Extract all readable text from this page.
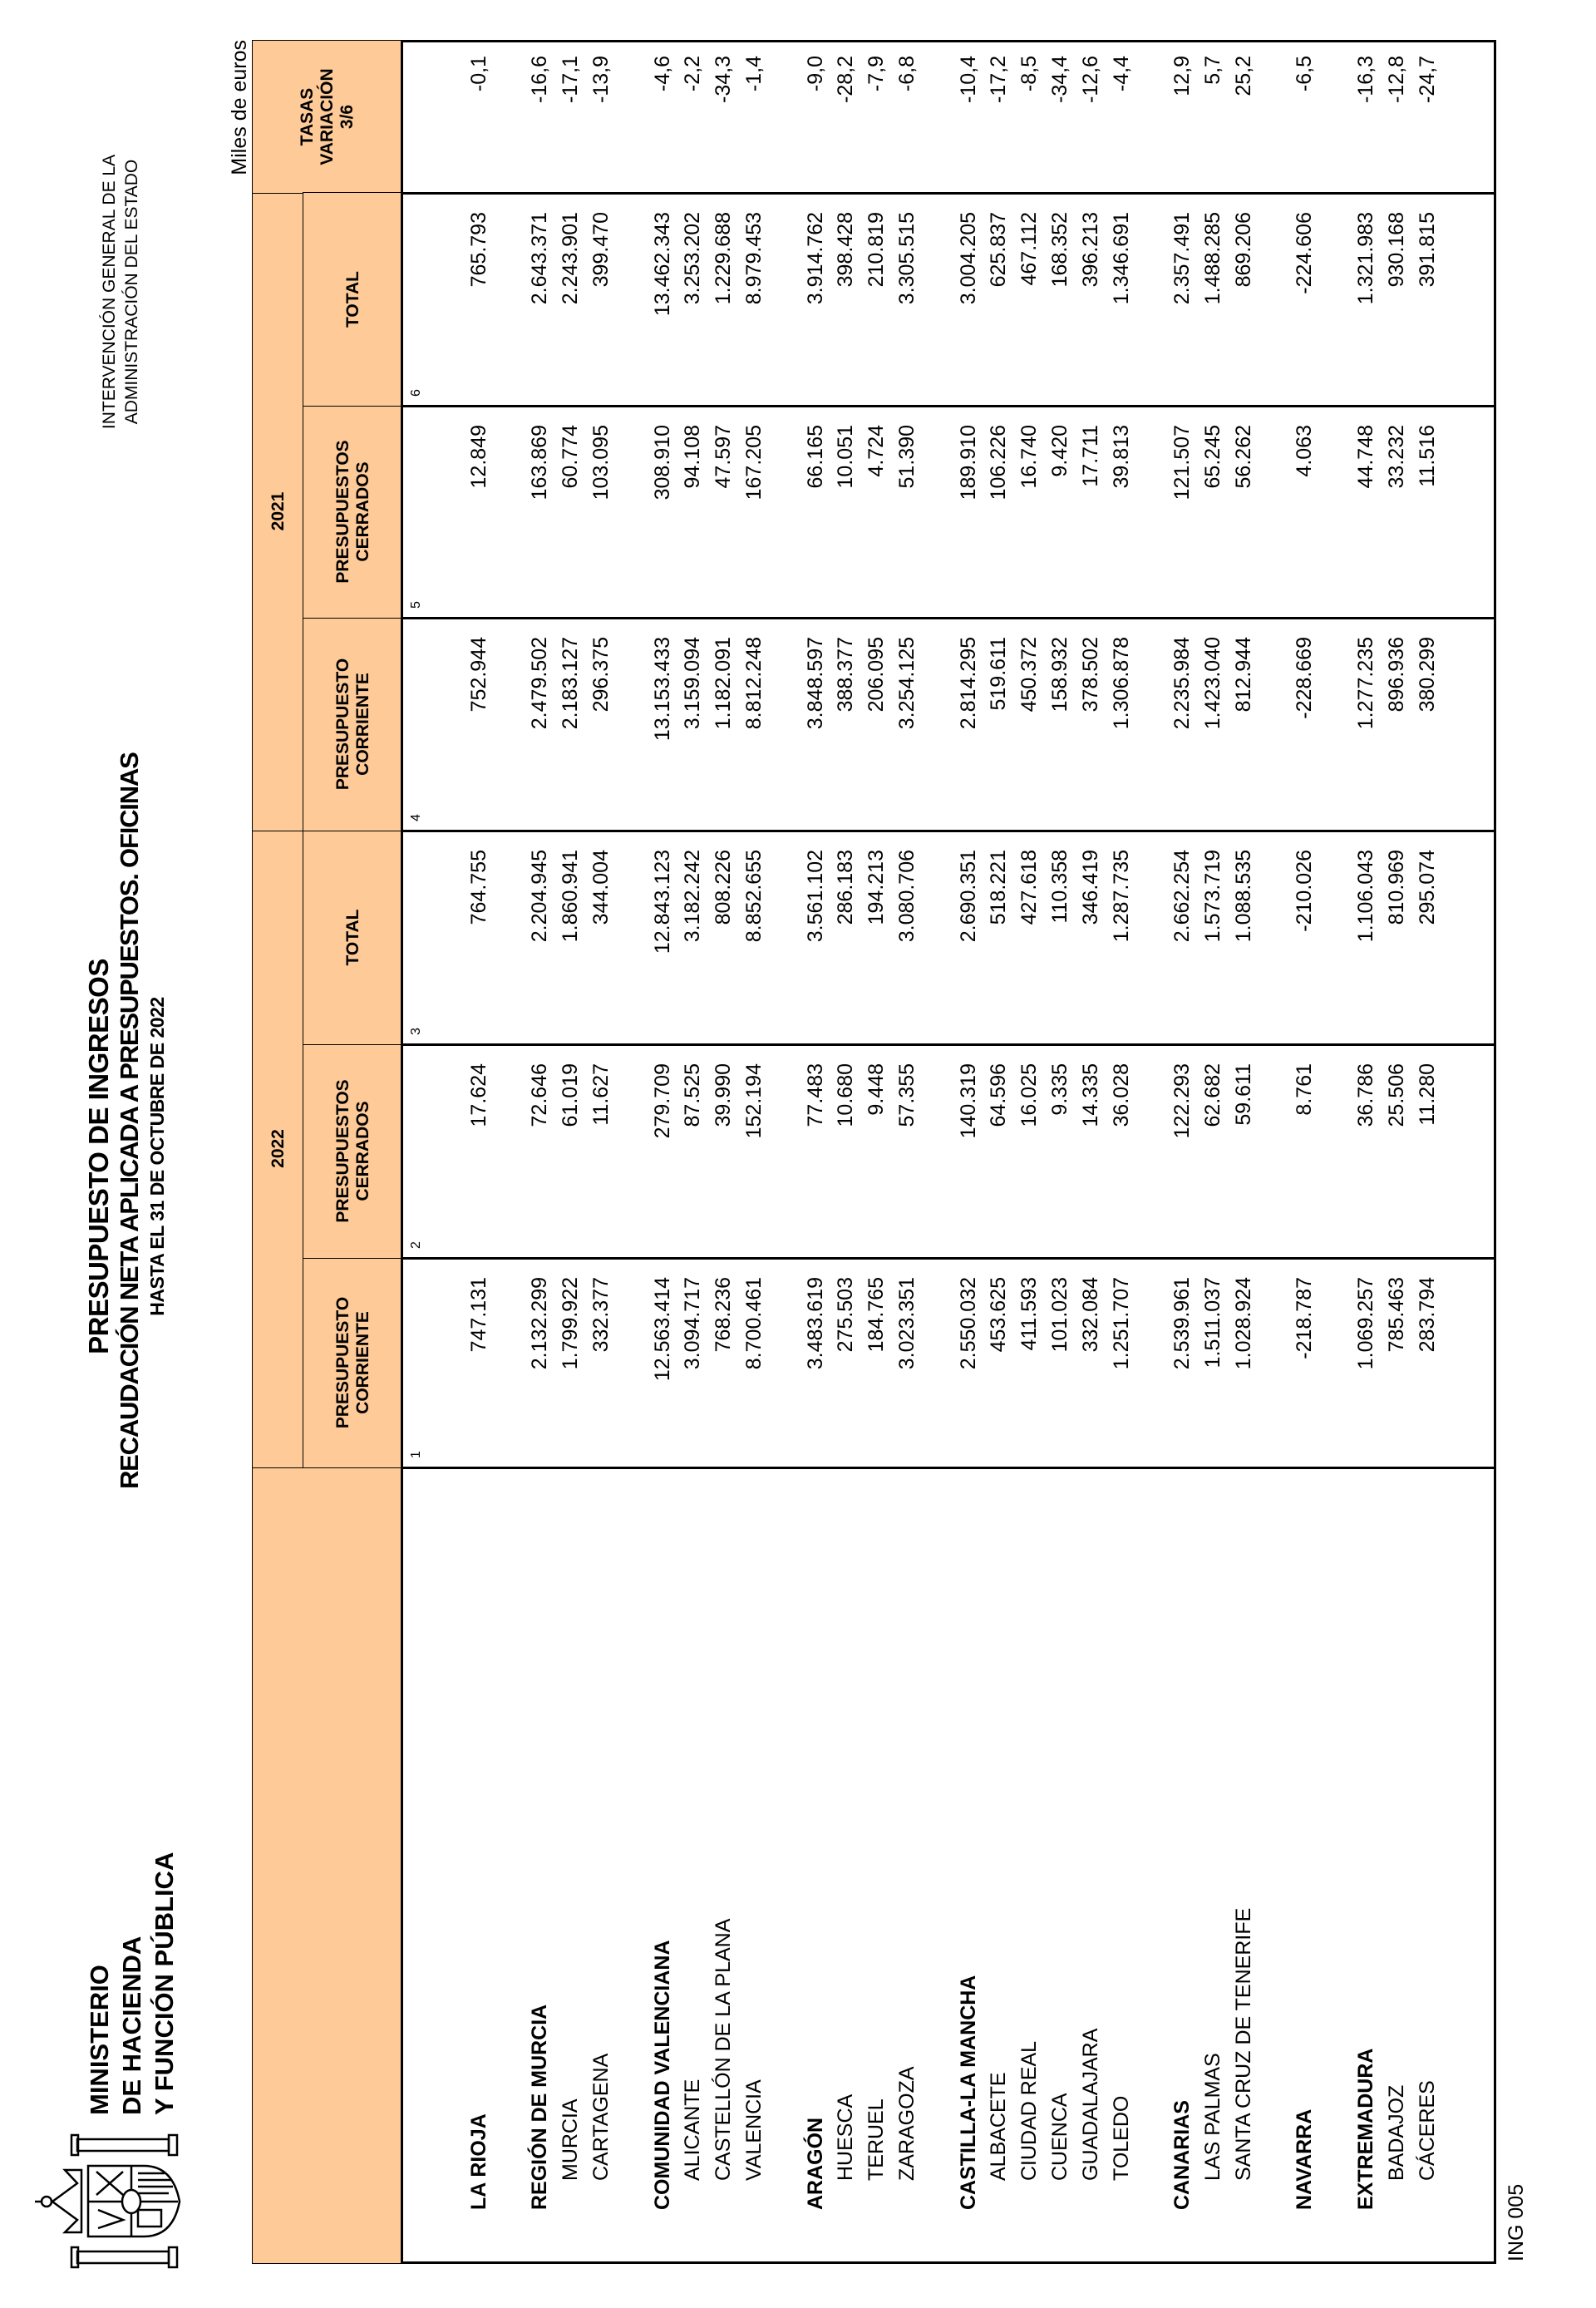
MINISTERIO DE HACIENDA Y FUNCIÓN PÚBLICA
PRESUPUESTO DE INGRESOS RECAUDACIÓN NETA APLICADA A PRESUPUESTOS. OFICINAS HASTA EL 31 DE OCTUBRE DE 2022
INTERVENCIÓN GENERAL DE LA ADMINISTRACIÓN DEL ESTADO
Miles de euros
2022
2021
TASAS VARIACIÓN 3/6
PRESUPUESTO CORRIENTE
PRESUPUESTOS CERRADOS
TOTAL
PRESUPUESTO CORRIENTE
PRESUPUESTOS CERRADOS
TOTAL
1
2
3
4
5
6
LA RIOJA
747.131
17.624
764.755
752.944
12.849
765.793
-0,1
REGIÓN DE MURCIA
2.132.299
72.646
2.204.945
2.479.502
163.869
2.643.371
-16,6
MURCIA
1.799.922
61.019
1.860.941
2.183.127
60.774
2.243.901
-17,1
CARTAGENA
332.377
11.627
344.004
296.375
103.095
399.470
-13,9
COMUNIDAD VALENCIANA
12.563.414
279.709
12.843.123
13.153.433
308.910
13.462.343
-4,6
ALICANTE
3.094.717
87.525
3.182.242
3.159.094
94.108
3.253.202
-2,2
CASTELLÓN DE LA PLANA
768.236
39.990
808.226
1.182.091
47.597
1.229.688
-34,3
VALENCIA
8.700.461
152.194
8.852.655
8.812.248
167.205
8.979.453
-1,4
ARAGÓN
3.483.619
77.483
3.561.102
3.848.597
66.165
3.914.762
-9,0
HUESCA
275.503
10.680
286.183
388.377
10.051
398.428
-28,2
TERUEL
184.765
9.448
194.213
206.095
4.724
210.819
-7,9
ZARAGOZA
3.023.351
57.355
3.080.706
3.254.125
51.390
3.305.515
-6,8
CASTILLA-LA MANCHA
2.550.032
140.319
2.690.351
2.814.295
189.910
3.004.205
-10,4
ALBACETE
453.625
64.596
518.221
519.611
106.226
625.837
-17,2
CIUDAD REAL
411.593
16.025
427.618
450.372
16.740
467.112
-8,5
CUENCA
101.023
9.335
110.358
158.932
9.420
168.352
-34,4
GUADALAJARA
332.084
14.335
346.419
378.502
17.711
396.213
-12,6
TOLEDO
1.251.707
36.028
1.287.735
1.306.878
39.813
1.346.691
-4,4
CANARIAS
2.539.961
122.293
2.662.254
2.235.984
121.507
2.357.491
12,9
LAS PALMAS
1.511.037
62.682
1.573.719
1.423.040
65.245
1.488.285
5,7
SANTA CRUZ DE TENERIFE
1.028.924
59.611
1.088.535
812.944
56.262
869.206
25,2
NAVARRA
-218.787
8.761
-210.026
-228.669
4.063
-224.606
-6,5
EXTREMADURA
1.069.257
36.786
1.106.043
1.277.235
44.748
1.321.983
-16,3
BADAJOZ
785.463
25.506
810.969
896.936
33.232
930.168
-12,8
CÁCERES
283.794
11.280
295.074
380.299
11.516
391.815
-24,7
ING 005
